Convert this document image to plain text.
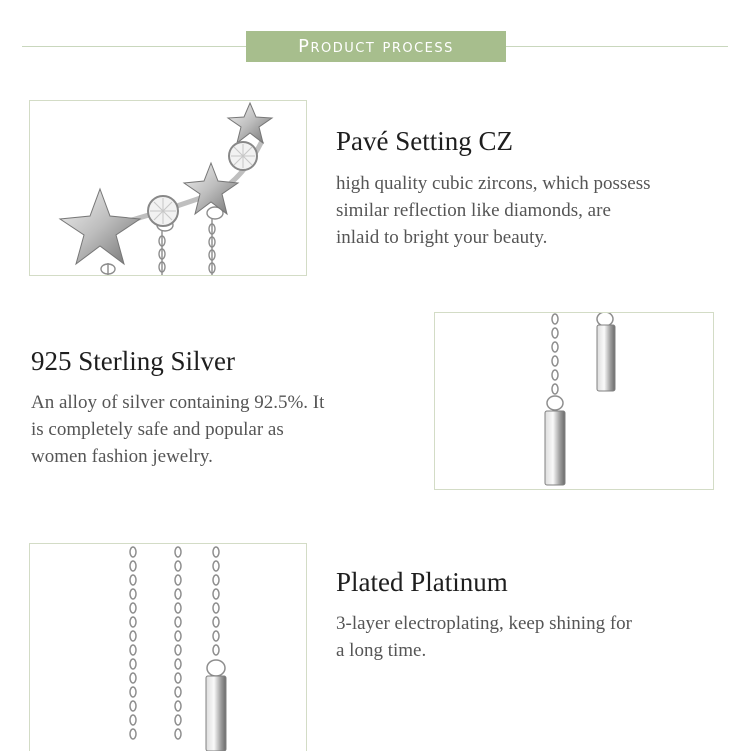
Product process
Pavé Setting CZ
high quality cubic zircons, which possess
similar reflection like diamonds, are
inlaid to bright your beauty.
925 Sterling Silver
An alloy of silver containing 92.5%. It
is completely safe and popular as
women fashion jewelry.
Plated Platinum
3-layer electroplating, keep shining for
a long time.
